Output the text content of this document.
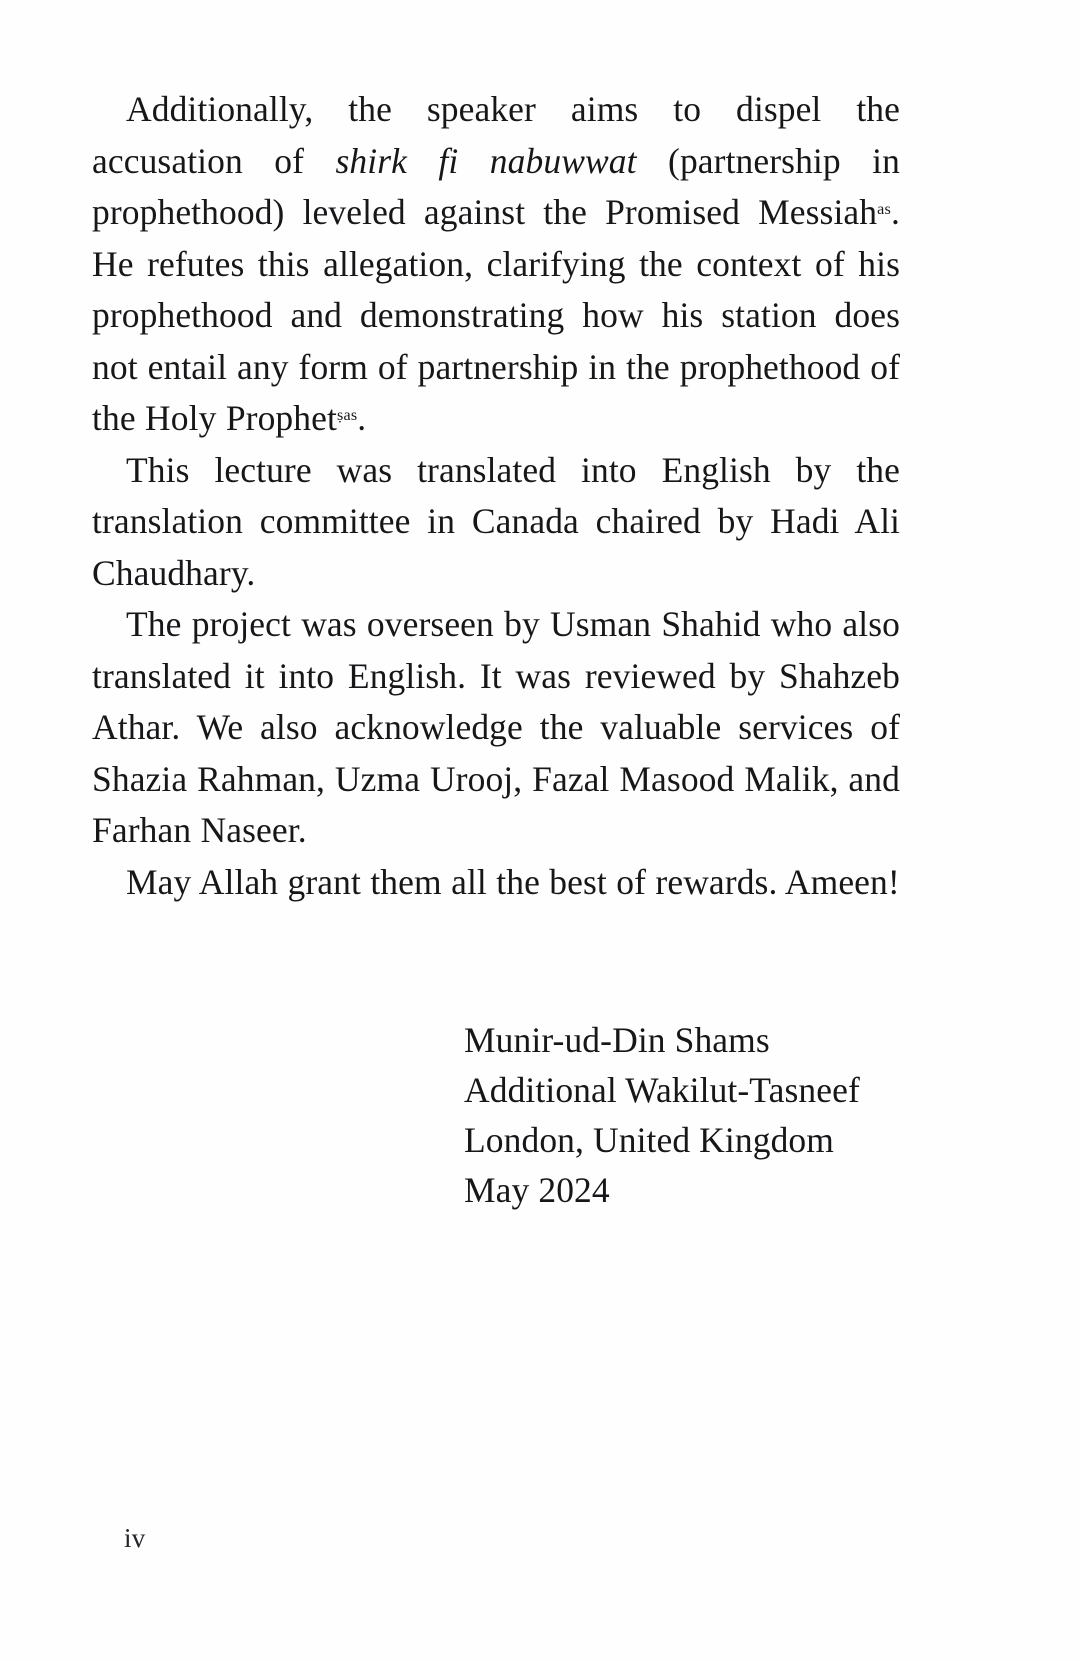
Additionally, the speaker aims to dispel the accusation of shirk fi nabuwwat (partnership in prophethood) leveled against the Promised Messiah$^{as}$. He refutes this allegation, clarifying the context of his prophethood and demonstrating how his station does not entail any form of partnership in the prophethood of the Holy Prophet$^{ṣas}$.

This lecture was translated into English by the translation committee in Canada chaired by Hadi Ali Chaudhary.

The project was overseen by Usman Shahid who also translated it into English. It was reviewed by Shahzeb Athar. We also acknowledge the valuable services of Shazia Rahman, Uzma Urooj, Fazal Masood Malik, and Farhan Naseer.

May Allah grant them all the best of rewards. Ameen!

Munir-ud-Din Shams
Additional Wakilut-Tasneef
London, United Kingdom
May 2024
iv
